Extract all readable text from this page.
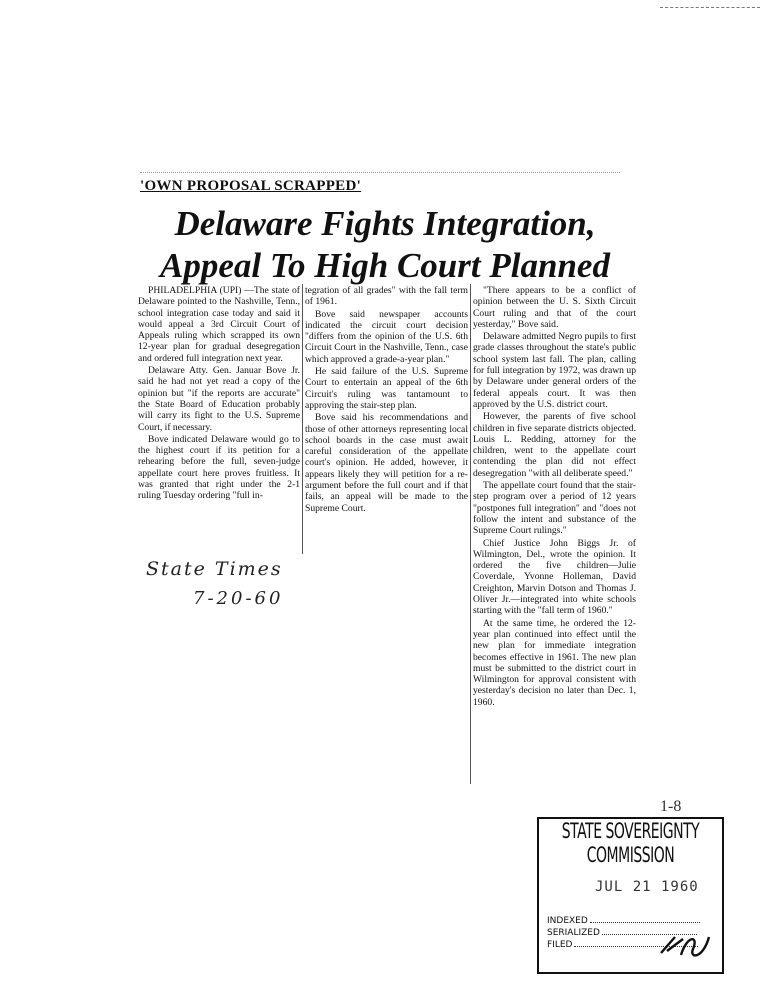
'OWN PROPOSAL SCRAPPED'
Delaware Fights Integration,
Appeal To High Court Planned

PHILADELPHIA (UPI) —The state of Delaware pointed to the Nashville, Tenn., school integration case today and said it would appeal a 3rd Circuit Court of Appeals ruling which scrapped its own 12-year plan for gradual desegregation and ordered full integration next year.

Delaware Atty. Gen. Januar Bove Jr. said he had not yet read a copy of the opinion but "if the reports are accurate" the State Board of Education probably will carry its fight to the U.S. Supreme Court, if necessary.

Bove indicated Delaware would go to the highest court if its petition for a rehearing before the full, seven-judge appellate court here proves fruitless. It was granted that right under the 2-1 ruling Tuesday ordering "full in-

tegration of all grades" with the fall term of 1961.

Bove said newspaper accounts indicated the circuit court decision "differs from the opinion of the U.S. 6th Circuit Court in the Nashville, Tenn., case which approved a grade-a-year plan."

He said failure of the U.S. Supreme Court to entertain an appeal of the 6th Circuit's ruling was tantamount to approving the stair-step plan.

Bove said his recommendations and those of other attorneys representing local school boards in the case must await careful consideration of the appellate court's opinion. He added, however, it appears likely they will petition for a re-argument before the full court and if that fails, an appeal will be made to the Supreme Court.

"There appears to be a conflict of opinion between the U. S. Sixth Circuit Court ruling and that of the court yesterday," Bove said.

Delaware admitted Negro pupils to first grade classes throughout the state's public school system last fall. The plan, calling for full integration by 1972, was drawn up by Delaware under general orders of the federal appeals court. It was then approved by the U.S. district court.

However, the parents of five school children in five separate districts objected. Louis L. Redding, attorney for the children, went to the appellate court contending the plan did not effect desegregation "with all deliberate speed."

The appellate court found that the stair-step program over a period of 12 years "postpones full integration" and "does not follow the intent and substance of the Supreme Court rulings."

Chief Justice John Biggs Jr. of Wilmington, Del., wrote the opinion. It ordered the five children—Julie Coverdale, Yvonne Holleman, David Creighton, Marvin Dotson and Thomas J. Oliver Jr.—integrated into white schools starting with the "fall term of 1960."

At the same time, he ordered the 12-year plan continued into effect until the new plan for immediate integration becomes effective in 1961. The new plan must be submitted to the district court in Wilmington for approval consistent with yesterday's decision no later than Dec. 1, 1960.

State Times
7-20-60
1-8
STATE SOVEREIGNTY COMMISSION
JUL 21 1960
INDEXED
SERIALIZED
FILED
